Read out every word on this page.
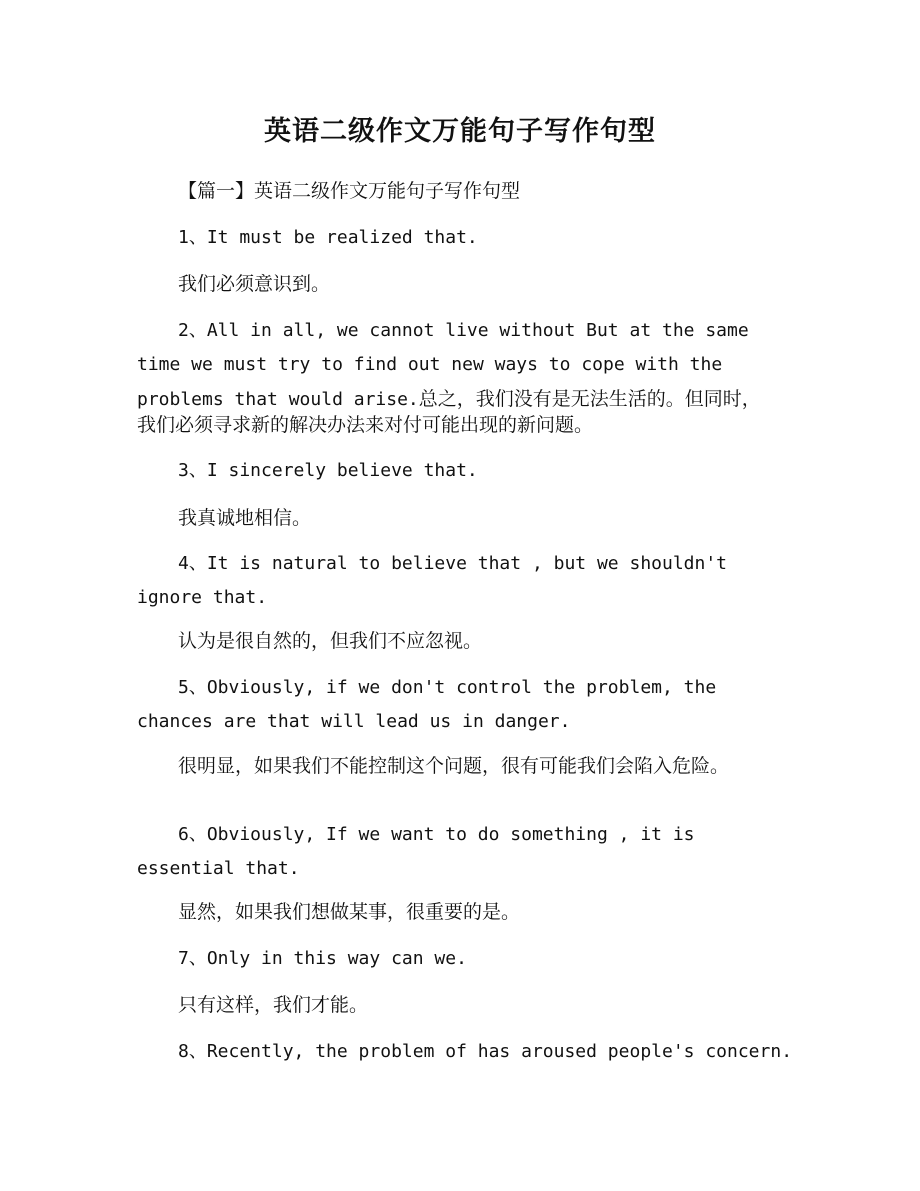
英语二级作文万能句子写作句型
【篇一】英语二级作文万能句子写作句型
1、It must be realized that.
我们必须意识到。
2、All in all, we cannot live without But at the same
time we must try to find out new ways to cope with the
problems that would arise.总之，我们没有是无法生活的。但同时，
我们必须寻求新的解决办法来对付可能出现的新问题。
3、I sincerely believe that.
我真诚地相信。
4、It is natural to believe that , but we shouldn't
ignore that.
认为是很自然的，但我们不应忽视。
5、Obviously, if we don't control the problem, the
chances are that will lead us in danger.
很明显，如果我们不能控制这个问题，很有可能我们会陷入危险。
6、Obviously, If we want to do something , it is
essential that.
显然，如果我们想做某事，很重要的是。
7、Only in this way can we.
只有这样，我们才能。
8、Recently, the problem of has aroused people's concern.
